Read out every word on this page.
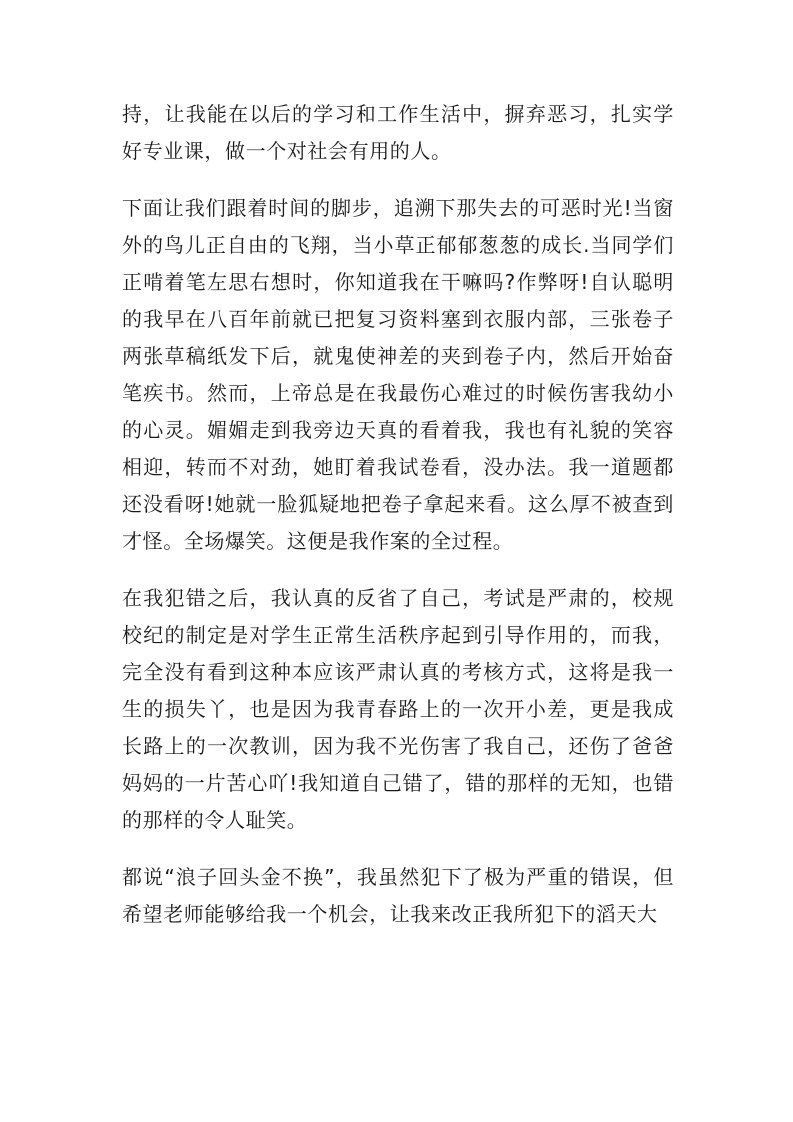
持，让我能在以后的学习和工作生活中，摒弃恶习，扎实学好专业课，做一个对社会有用的人。

下面让我们跟着时间的脚步，追溯下那失去的可恶时光!当窗外的鸟儿正自由的飞翔，当小草正郁郁葱葱的成长.当同学们正啃着笔左思右想时，你知道我在干嘛吗?作弊呀!自认聪明的我早在八百年前就已把复习资料塞到衣服内部，三张卷子两张草稿纸发下后，就鬼使神差的夹到卷子内，然后开始奋笔疾书。然而，上帝总是在我最伤心难过的时候伤害我幼小的心灵。媚媚走到我旁边天真的看着我，我也有礼貌的笑容相迎，转而不对劲，她盯着我试卷看，没办法。我一道题都还没看呀!她就一脸狐疑地把卷子拿起来看。这么厚不被查到才怪。全场爆笑。这便是我作案的全过程。

在我犯错之后，我认真的反省了自己，考试是严肃的，校规校纪的制定是对学生正常生活秩序起到引导作用的，而我，完全没有看到这种本应该严肃认真的考核方式，这将是我一生的损失丫，也是因为我青春路上的一次开小差，更是我成长路上的一次教训，因为我不光伤害了我自己，还伤了爸爸妈妈的一片苦心吖!我知道自己错了，错的那样的无知，也错的那样的令人耻笑。

都说“浪子回头金不换”，我虽然犯下了极为严重的错误，但希望老师能够给我一个机会，让我来改正我所犯下的滔天大
